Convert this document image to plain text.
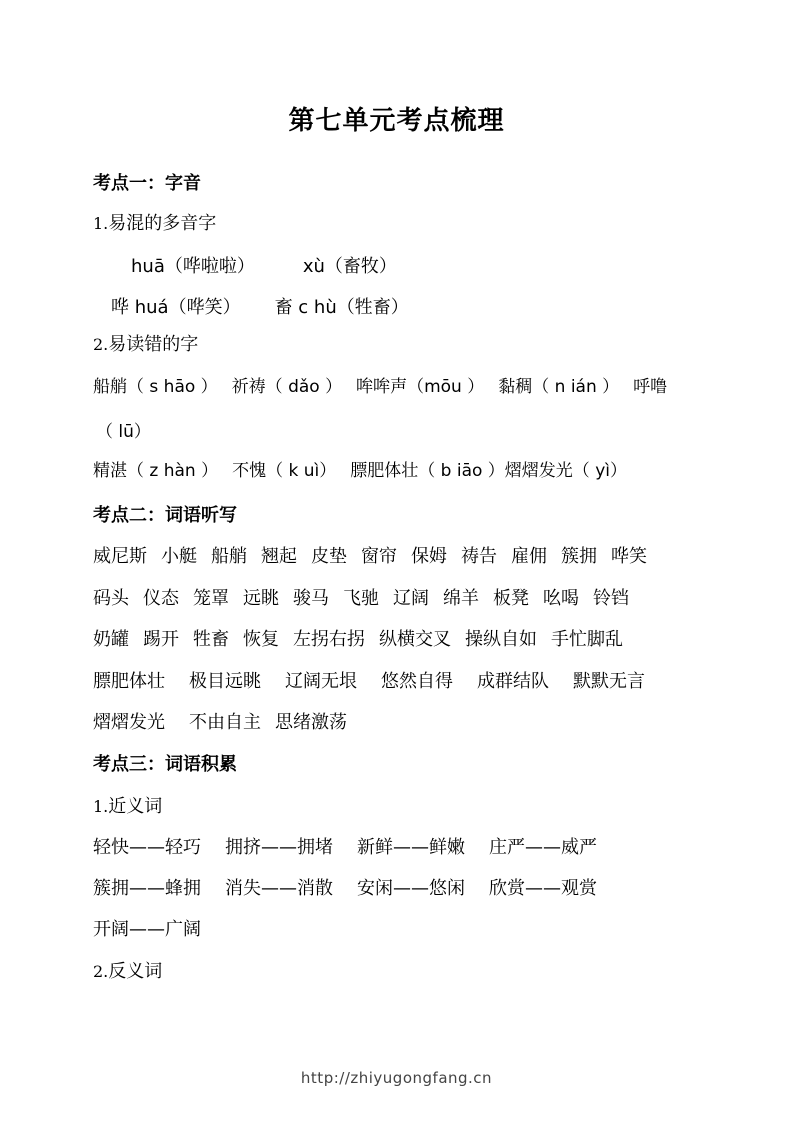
第七单元考点梳理
考点一：字音
1.易混的多音字
huā（哗啦啦）	xù（畜牧）
哗 huá（哗笑） 畜 c hù（牲畜）
2.易读错的字
船艄（ s hāo ） 祈祷（ dǎo ） 哞哞声（mōu ） 黏稠（ n ián ） 呼噜
（ lū）
精湛（ z hàn ） 不愧（ k uì） 膘肥体壮（ b iāo ）熠熠发光（ yì）
考点二：词语听写
威尼斯 小艇 船艄 翘起 皮垫 窗帘 保姆 祷告 雇佣 簇拥 哗笑
码头 仪态 笼罩 远眺 骏马 飞驰 辽阔 绵羊 板凳 吆喝 铃铛
奶罐 踢开 牲畜 恢复 左拐右拐 纵横交叉 操纵自如 手忙脚乱
膘肥体壮 极目远眺 辽阔无垠 悠然自得 成群结队 默默无言
熠熠发光 不由自主 思绪激荡
考点三：词语积累
1.近义词
轻快——轻巧 拥挤——拥堵 新鲜——鲜嫩 庄严——威严
簇拥——蜂拥 消失——消散 安闲——悠闲 欣赏——观赏
开阔——广阔
2.反义词
http://zhiyugongfang.cn
